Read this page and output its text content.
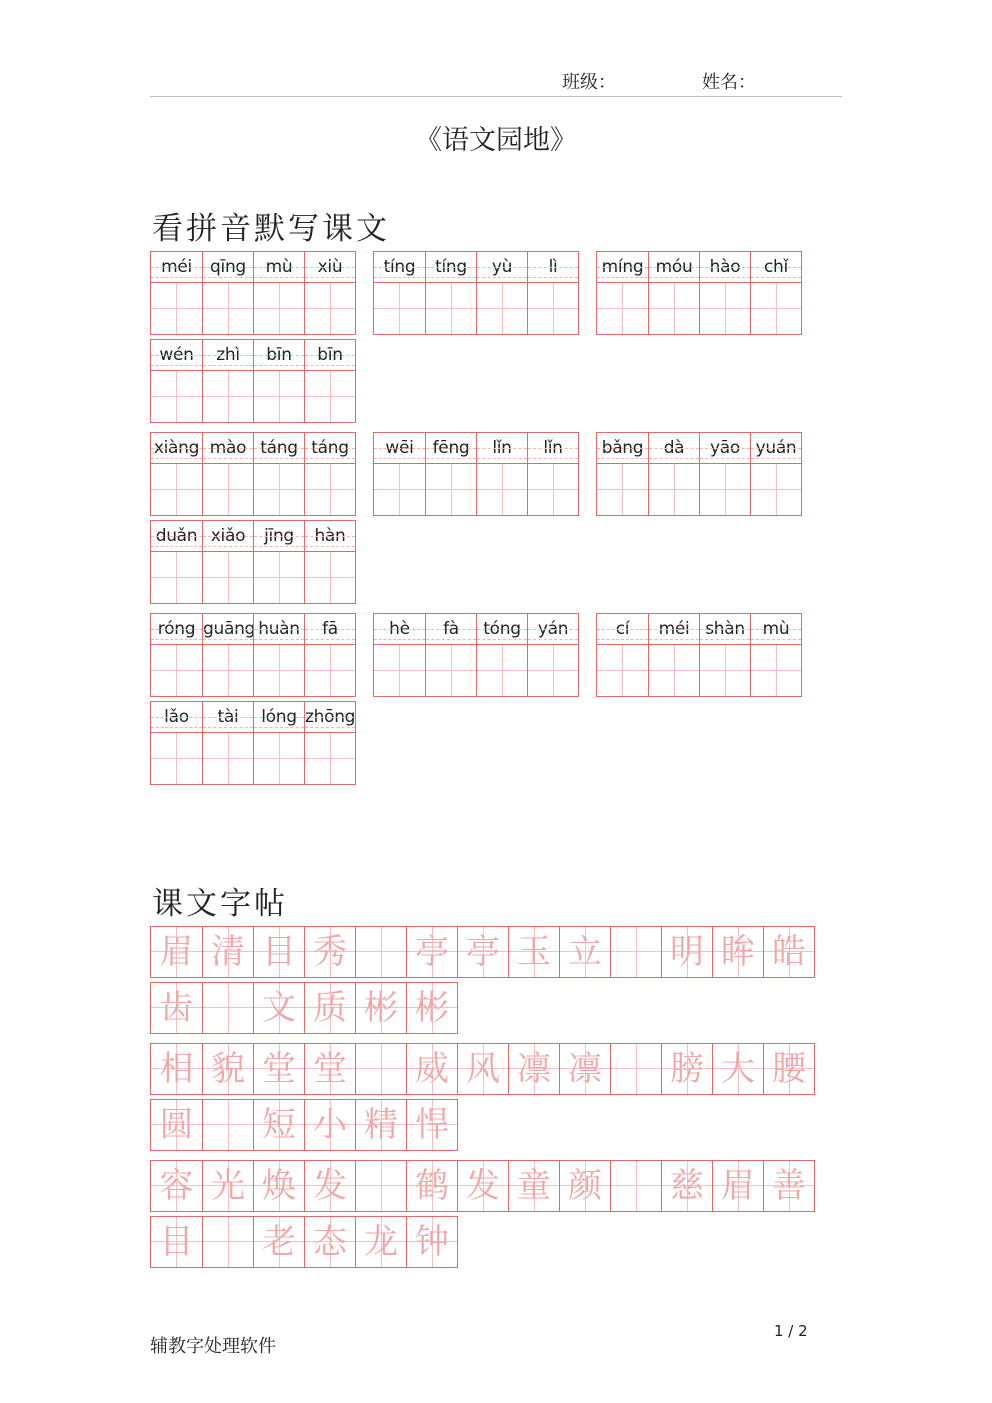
班级：	姓名：
《语文园地》
看拼音默写课文
méi	qīng	mù	xiù	tíng	tíng	yù	lì	míng móu	hào	chǐ
wén	zhì	bīn	bīn
xiàng mào táng táng	wēi	fēng	lǐn	lǐn	bǎng	dà	yāo yuán
duǎn xiǎo	jīng	hàn
róng guāng huàn	fā	hè	fà	tóng	yán	cí	méi shàn	mù
lǎo	tài	lóng zhōng
课文字帖
眉 清 目 秀 亭 亭 玉 立 明 眸 皓
齿 文 质 彬 彬
相 貌 堂 堂 威 风 凛 凛 膀 大 腰
圆 短 小 精 悍
容 光 焕 发 鹤 发 童 颜 慈 眉 善
目 老 态 龙 钟
辅教字处理软件
1 / 2
